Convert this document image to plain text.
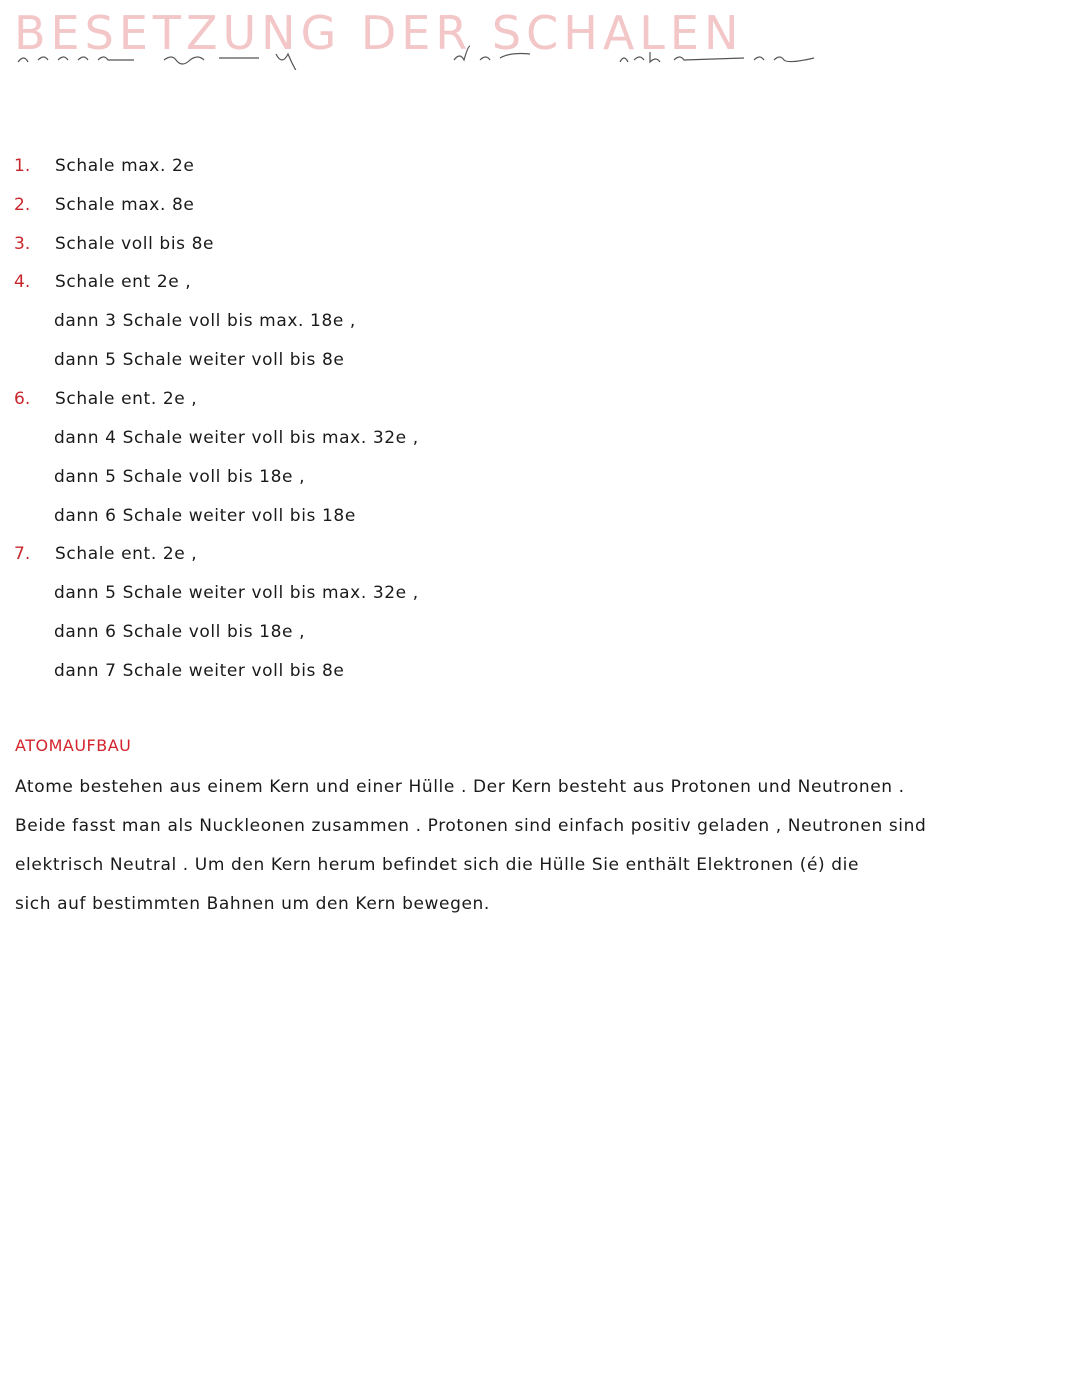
BESETZUNG DER SCHALEN
1. Schale max. 2e
2. Schale max. 8e
3. Schale voll bis 8e
4. Schale ent 2e ,
dann 3 Schale voll bis max. 18e ,
dann 5 Schale weiter voll bis 8e
6. Schale ent. 2e ,
dann 4 Schale weiter voll bis max. 32e ,
dann 5 Schale voll bis 18e ,
dann 6 Schale weiter voll bis 18e
7. Schale ent. 2e ,
dann 5 Schale weiter voll bis max. 32e ,
dann 6 Schale voll bis 18e ,
dann 7 Schale weiter voll bis 8e
ATOMAUFBAU
Atome bestehen aus einem Kern und einer Hülle . Der Kern besteht aus Protonen und Neutronen .
Beide fasst man als Nuckleonen zusammen . Protonen sind einfach positiv geladen , Neutronen sind
elektrisch Neutral . Um den Kern herum befindet sich die Hülle Sie enthält Elektronen (é) die
sich auf bestimmten Bahnen um den Kern bewegen.
